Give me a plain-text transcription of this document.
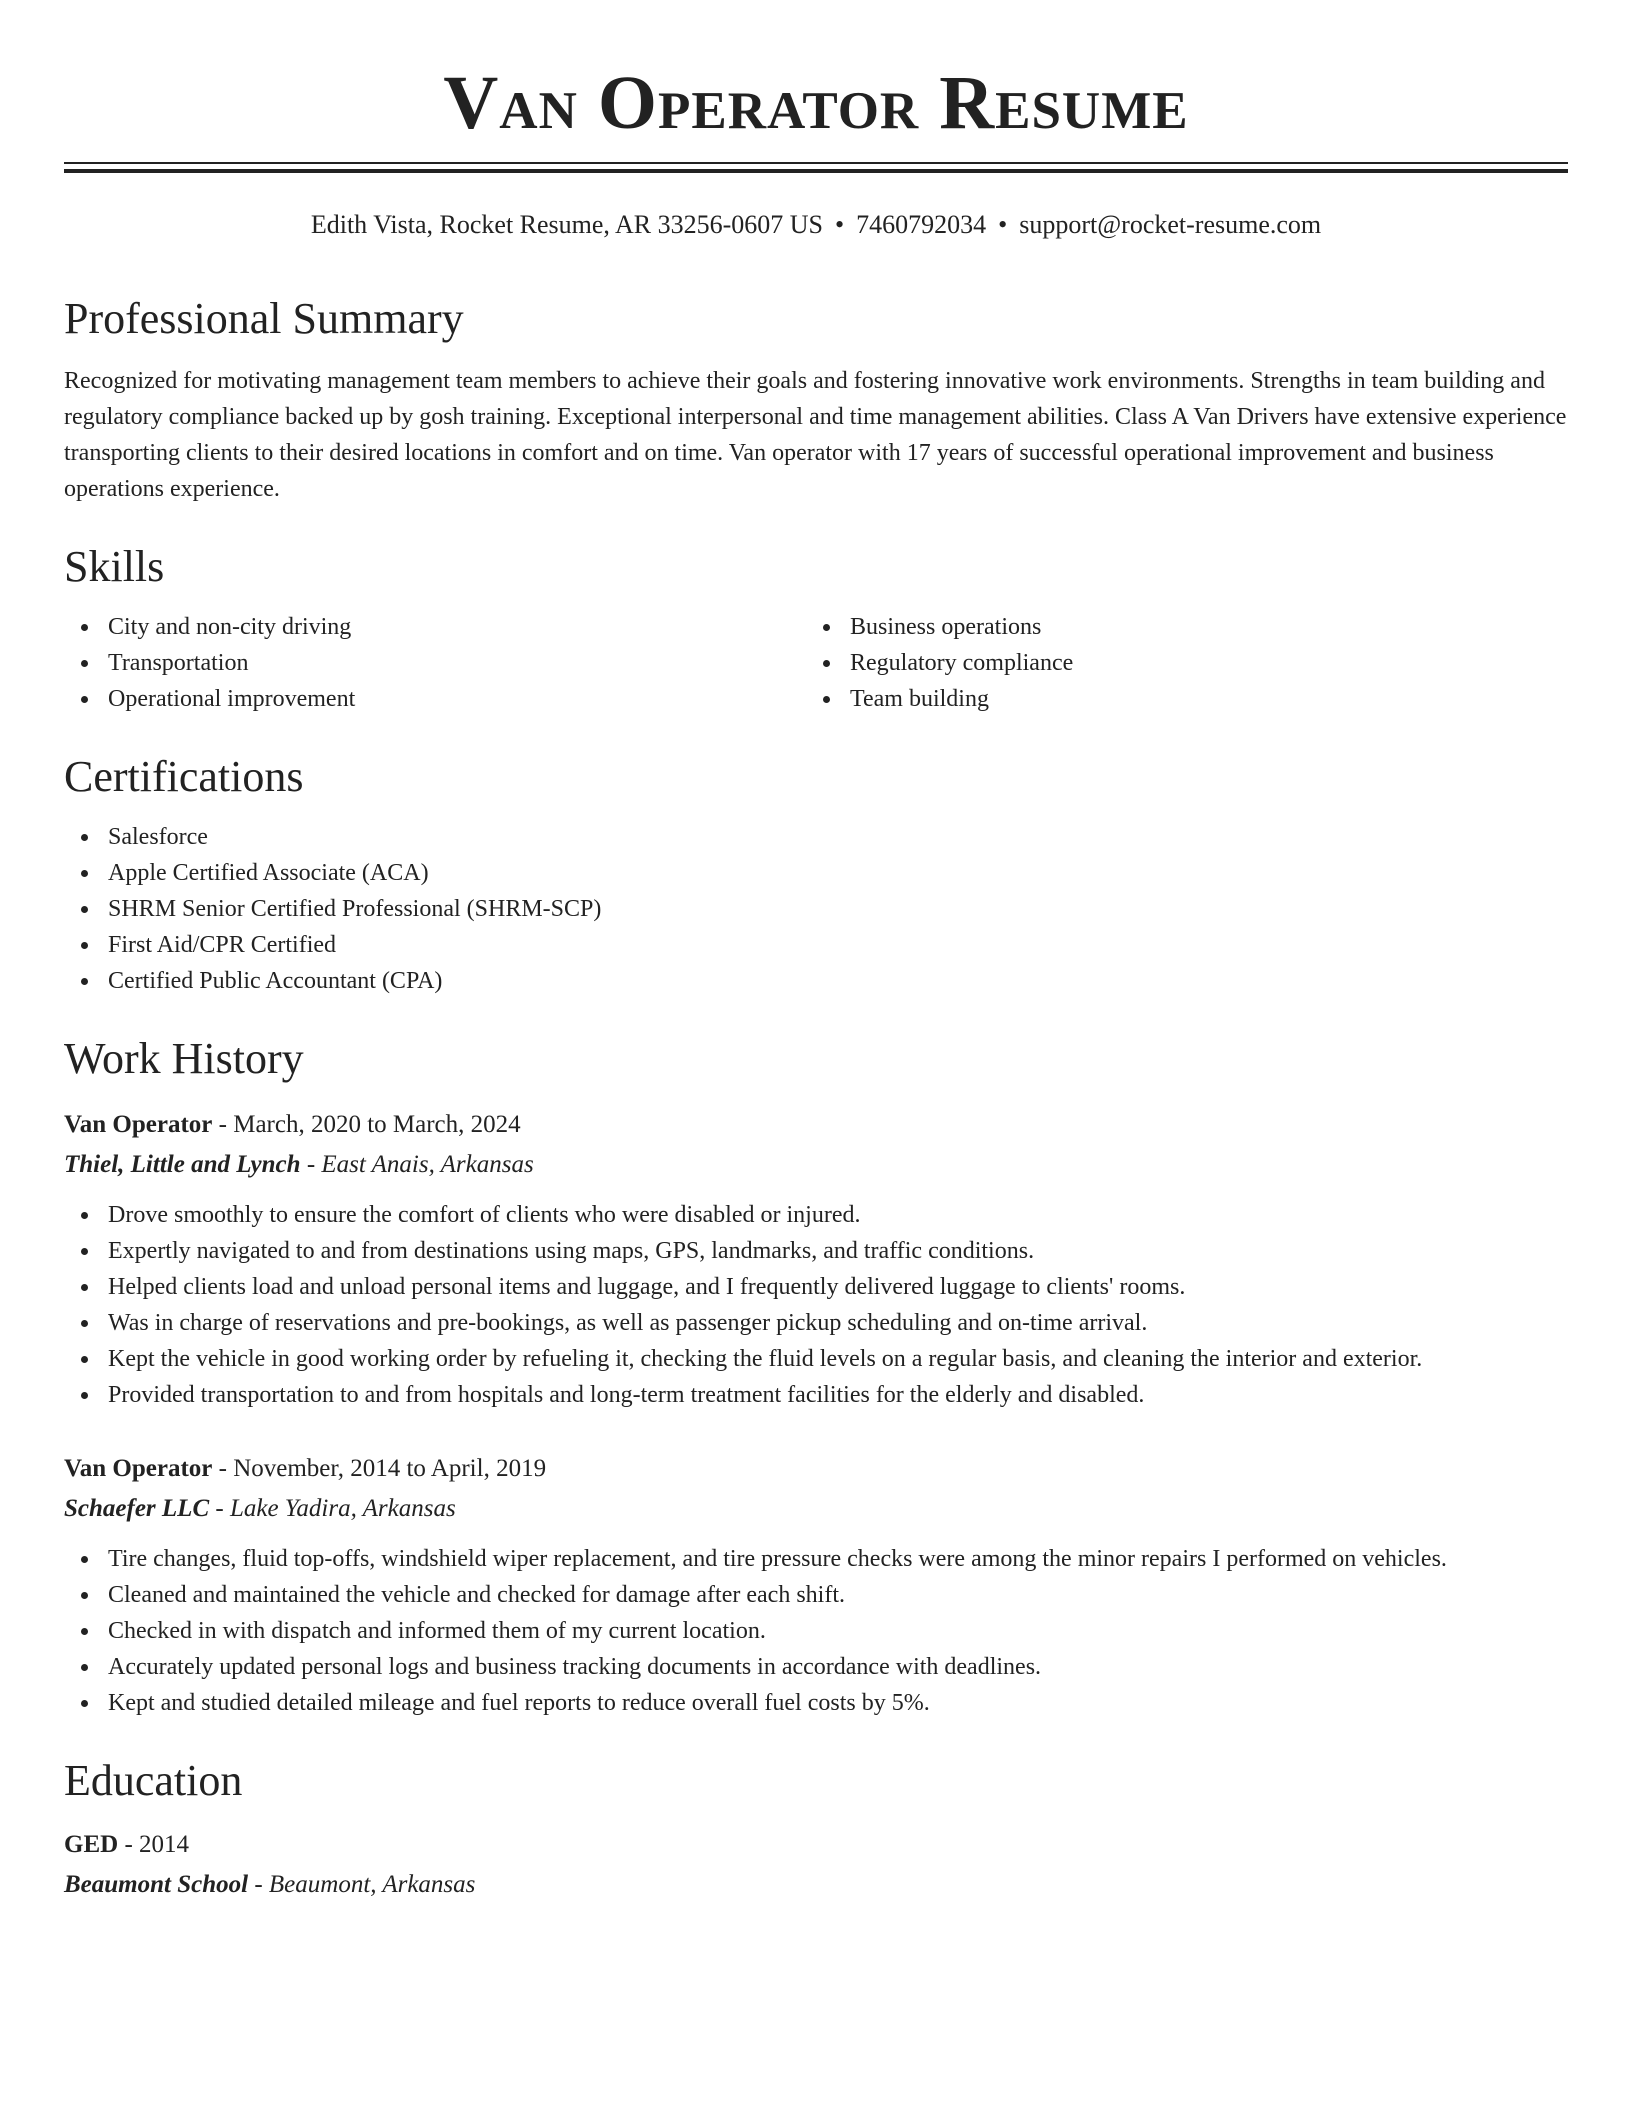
Van Operator Resume
Edith Vista, Rocket Resume, AR 33256-0607 US • 7460792034 • support@rocket-resume.com
Professional Summary

Recognized for motivating management team members to achieve their goals and fostering innovative work environments. Strengths in team building and regulatory compliance backed up by gosh training. Exceptional interpersonal and time management abilities. Class A Van Drivers have extensive experience transporting clients to their desired locations in comfort and on time. Van operator with 17 years of successful operational improvement and business operations experience.

Skills
City and non-city driving
Transportation
Operational improvement
Business operations
Regulatory compliance
Team building
Certifications
Salesforce
Apple Certified Associate (ACA)
SHRM Senior Certified Professional (SHRM-SCP)
First Aid/CPR Certified
Certified Public Accountant (CPA)
Work History
Van Operator - March, 2020 to March, 2024
Thiel, Little and Lynch - East Anais, Arkansas
Drove smoothly to ensure the comfort of clients who were disabled or injured.
Expertly navigated to and from destinations using maps, GPS, landmarks, and traffic conditions.
Helped clients load and unload personal items and luggage, and I frequently delivered luggage to clients' rooms.
Was in charge of reservations and pre-bookings, as well as passenger pickup scheduling and on-time arrival.
Kept the vehicle in good working order by refueling it, checking the fluid levels on a regular basis, and cleaning the interior and exterior.
Provided transportation to and from hospitals and long-term treatment facilities for the elderly and disabled.
Van Operator - November, 2014 to April, 2019
Schaefer LLC - Lake Yadira, Arkansas
Tire changes, fluid top-offs, windshield wiper replacement, and tire pressure checks were among the minor repairs I performed on vehicles.
Cleaned and maintained the vehicle and checked for damage after each shift.
Checked in with dispatch and informed them of my current location.
Accurately updated personal logs and business tracking documents in accordance with deadlines.
Kept and studied detailed mileage and fuel reports to reduce overall fuel costs by 5%.
Education
GED - 2014
Beaumont School - Beaumont, Arkansas
